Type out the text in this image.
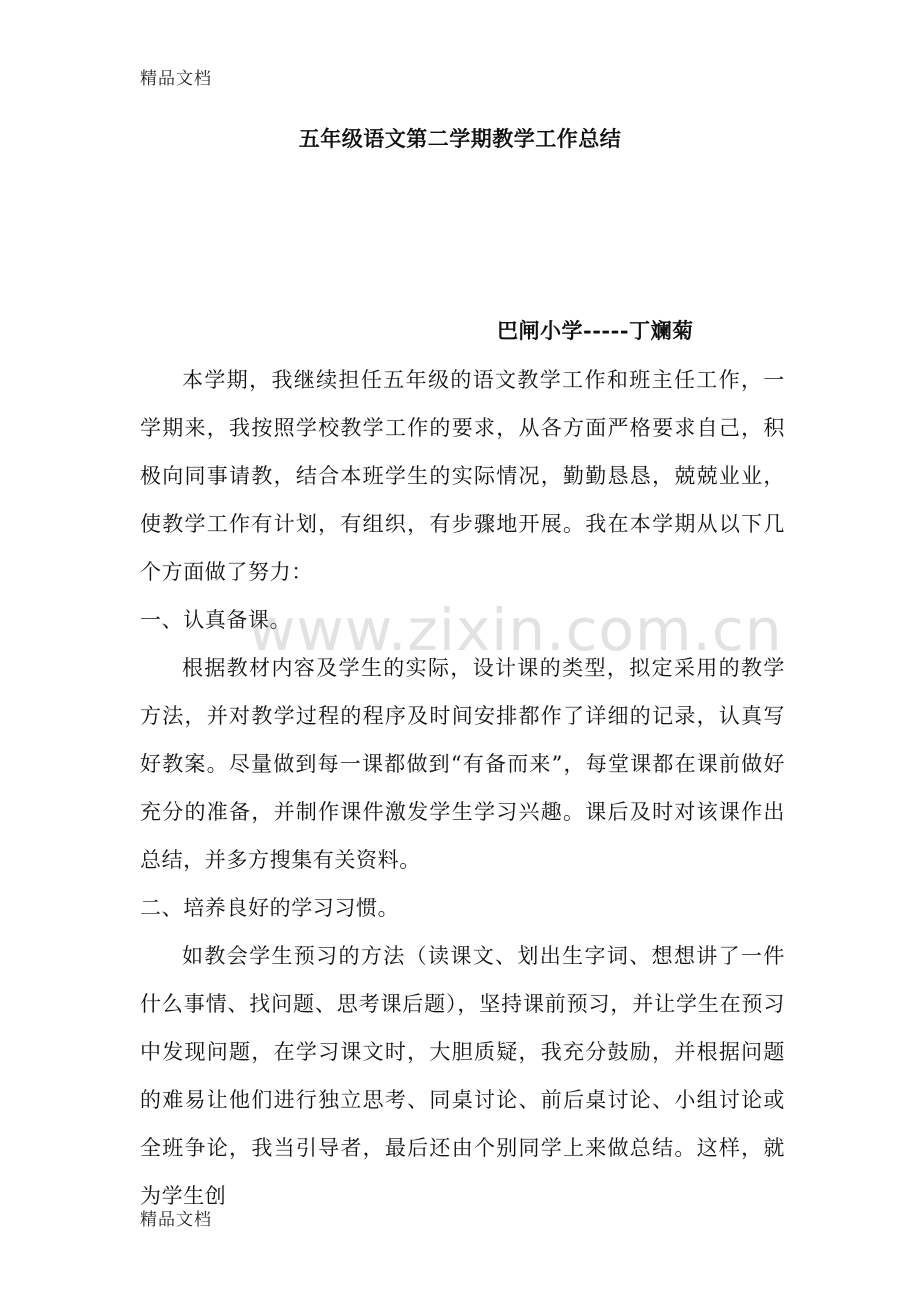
精品文档
五年级语文第二学期教学工作总结
巴闸小学-----丁斓菊
本学期，我继续担任五年级的语文教学工作和班主任工作，一学期来，我按照学校教学工作的要求，从各方面严格要求自己，积极向同事请教，结合本班学生的实际情况，勤勤恳恳，兢兢业业，使教学工作有计划，有组织，有步骤地开展。我在本学期从以下几个方面做了努力：
一、认真备课。
根据教材内容及学生的实际，设计课的类型，拟定采用的教学方法，并对教学过程的程序及时间安排都作了详细的记录，认真写好教案。尽量做到每一课都做到“有备而来”，每堂课都在课前做好充分的准备，并制作课件激发学生学习兴趣。课后及时对该课作出总结，并多方搜集有关资料。
二、培养良好的学习习惯。
如教会学生预习的方法（读课文、划出生字词、想想讲了一件什么事情、找问题、思考课后题），坚持课前预习，并让学生在预习中发现问题，在学习课文时，大胆质疑，我充分鼓励，并根据问题的难易让他们进行独立思考、同桌讨论、前后桌讨论、小组讨论或全班争论，我当引导者，最后还由个别同学上来做总结。这样，就为学生创
www.zixin.com.cn
精品文档
